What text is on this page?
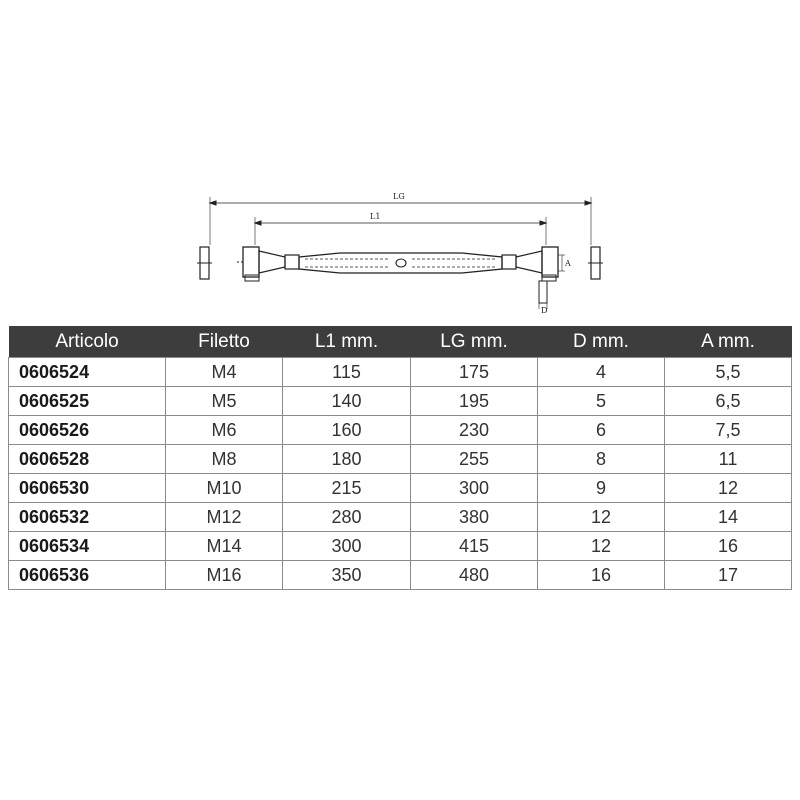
LG
L1
A
D
Articolo	Filetto	L1 mm.	LG mm.	D mm.	A mm.
0606524	M4	115	175	4	5,5
0606525	M5	140	195	5	6,5
0606526	M6	160	230	6	7,5
0606528	M8	180	255	8	11
0606530	M10	215	300	9	12
0606532	M12	280	380	12	14
0606534	M14	300	415	12	16
0606536	M16	350	480	16	17
